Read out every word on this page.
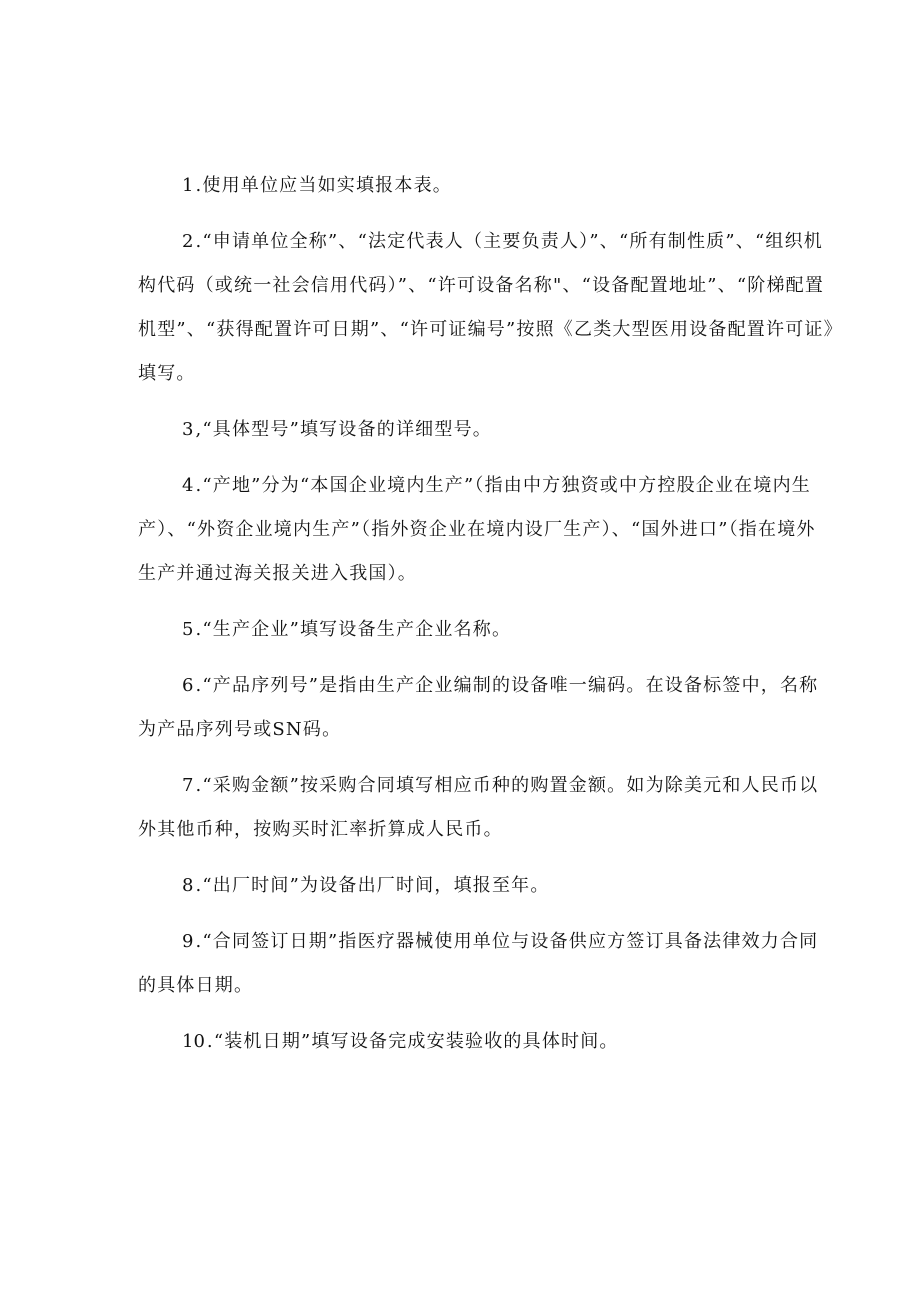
1 .使用单位应当如实填报本表。

2 .“申请单位全称”、“法定代表人（主要负责人）”、“所有制性质”、“组织机构代码（或统一社会信用代码）”、“许可设备名称"、“设备配置地址”、“阶梯配置机型”、“获得配置许可日期”、“许可证编号”按照《乙类大型医用设备配置许可证》填写。

3 ,“具体型号”填写设备的详细型号。

4 .“产地”分为“本国企业境内生产”（指由中方独资或中方控股企业在境内生产）、“外资企业境内生产”（指外资企业在境内设厂生产）、“国外进口”（指在境外生产并通过海关报关进入我国）。

5 .“生产企业”填写设备生产企业名称。

6 .“产品序列号”是指由生产企业编制的设备唯一编码。在设备标签中，名称为产品序列号或SN码。

7 .“采购金额”按采购合同填写相应币种的购置金额。如为除美元和人民币以外其他币种，按购买时汇率折算成人民币。

8 .“出厂时间”为设备出厂时间，填报至年。

9 .“合同签订日期”指医疗器械使用单位与设备供应方签订具备法律效力合同的具体日期。

10 .“装机日期”填写设备完成安装验收的具体时间。
